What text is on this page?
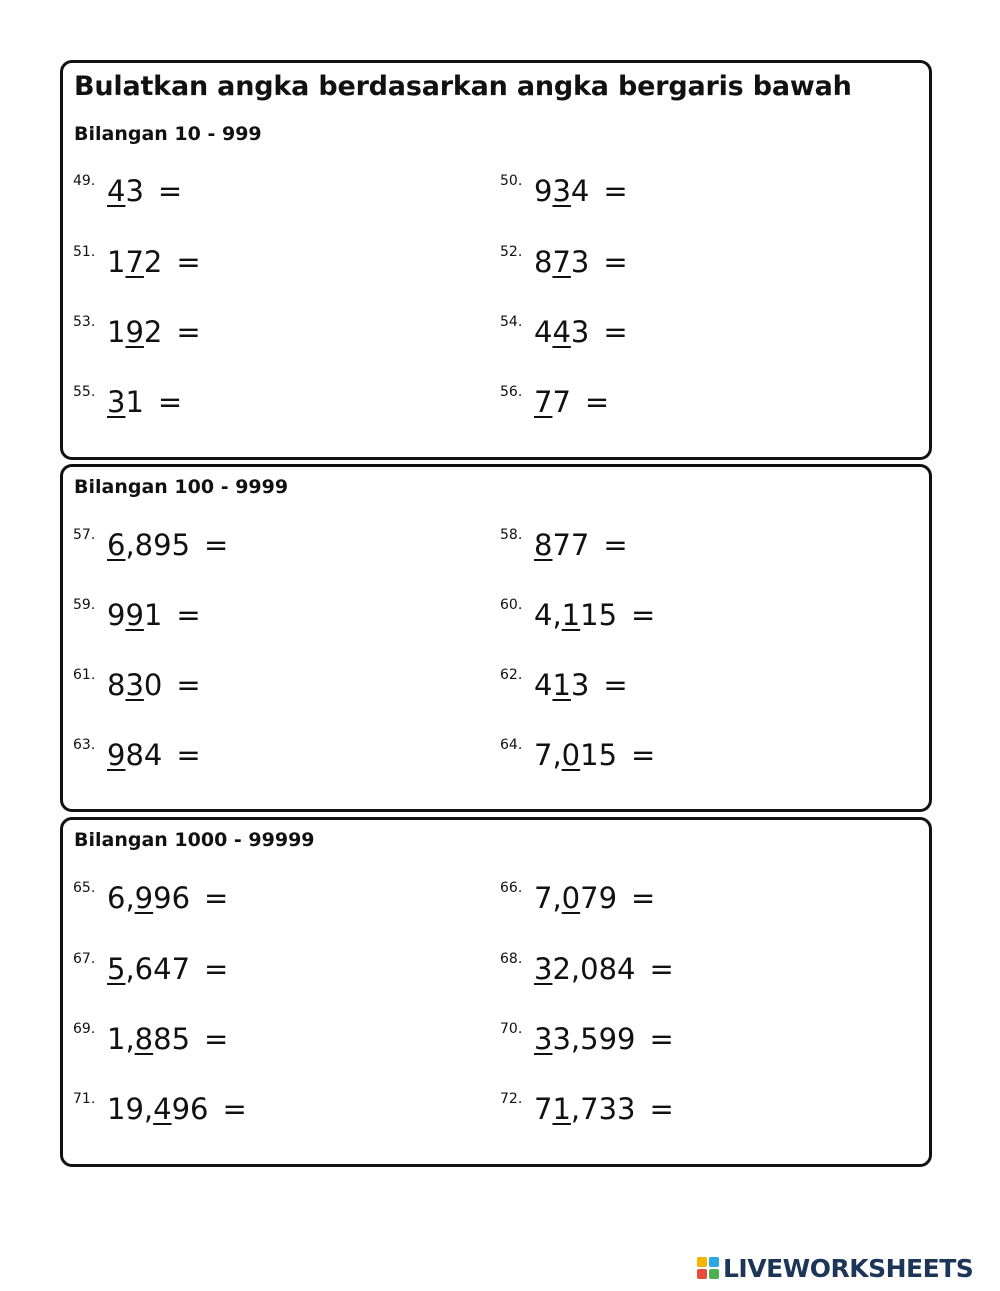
Bulatkan angka berdasarkan angka bergaris bawah
Bilangan 10 - 999
Bilangan 100 - 9999
Bilangan 1000 - 99999
LIVEWORKSHEETS
49. 43 =	50. 934 =
51. 172 =	52. 873 =
53. 192 =	54. 443 =
55. 31 =	56. 77 =
57. 6,895 =	58. 877 =
59. 991 =	60. 4,115 =
61. 830 =	62. 413 =
63. 984 =	64. 7,015 =
65. 6,996 =	66. 7,079 =
67. 5,647 =	68. 32,084 =
69. 1,885 =	70. 33,599 =
71. 19,496 =	72. 71,733 =
